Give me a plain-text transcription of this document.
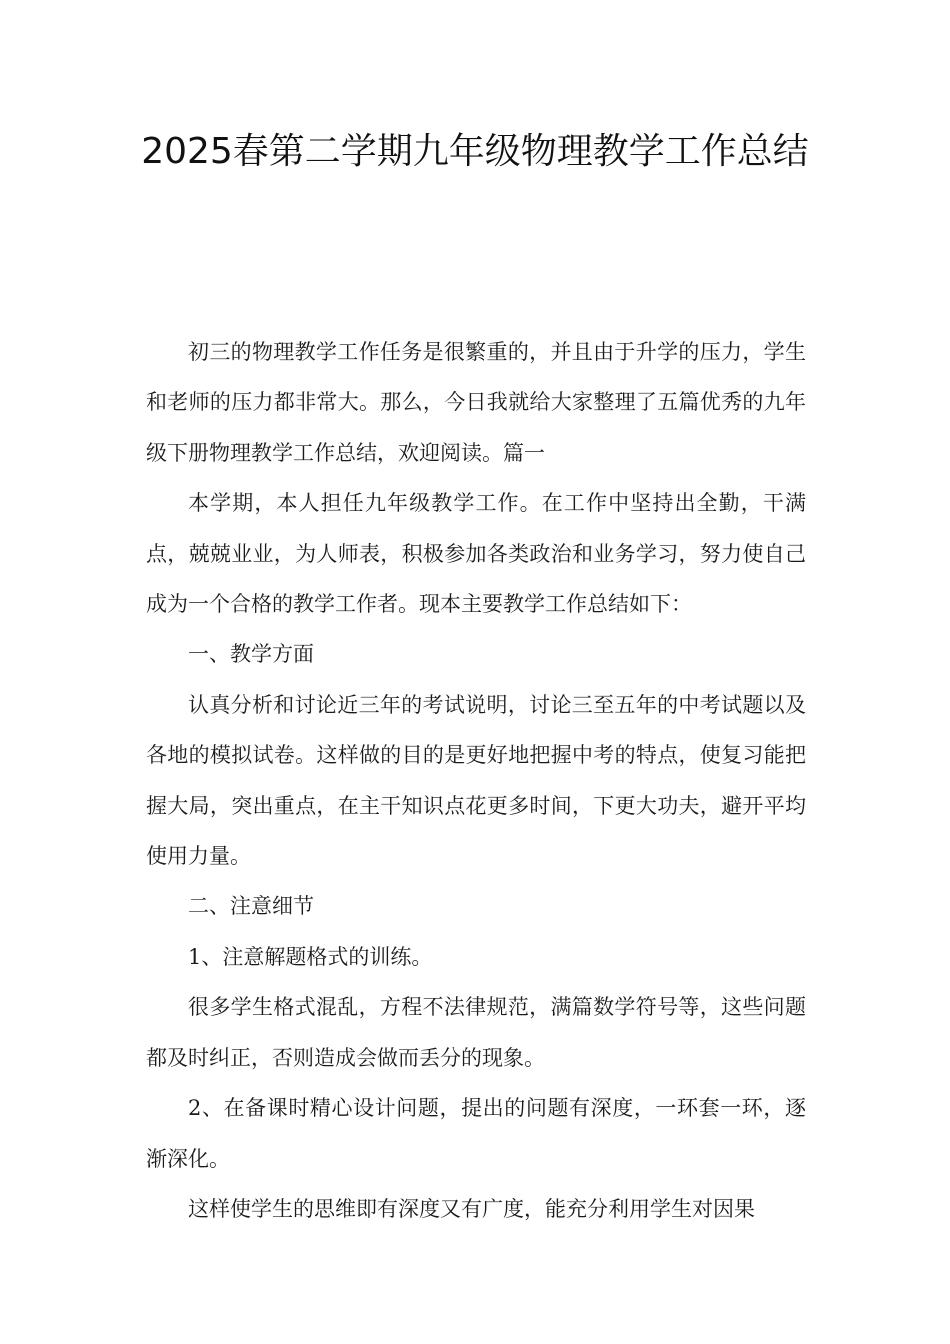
2025春第二学期九年级物理教学工作总结

初三的物理教学工作任务是很繁重的，并且由于升学的压力，学生和老师的压力都非常大。那么，今日我就给大家整理了五篇优秀的九年级下册物理教学工作总结，欢迎阅读。篇一

本学期，本人担任九年级教学工作。在工作中坚持出全勤，干满点，兢兢业业，为人师表，积极参加各类政治和业务学习，努力使自己成为一个合格的教学工作者。现本主要教学工作总结如下：

一、教学方面

认真分析和讨论近三年的考试说明，讨论三至五年的中考试题以及各地的模拟试卷。这样做的目的是更好地把握中考的特点，使复习能把握大局，突出重点，在主干知识点花更多时间，下更大功夫，避开平均使用力量。

二、注意细节

1、注意解题格式的训练。

很多学生格式混乱，方程不法律规范，满篇数学符号等，这些问题都及时纠正，否则造成会做而丢分的现象。

2、在备课时精心设计问题，提出的问题有深度，一环套一环，逐渐深化。

这样使学生的思维即有深度又有广度，能充分利用学生对因果
